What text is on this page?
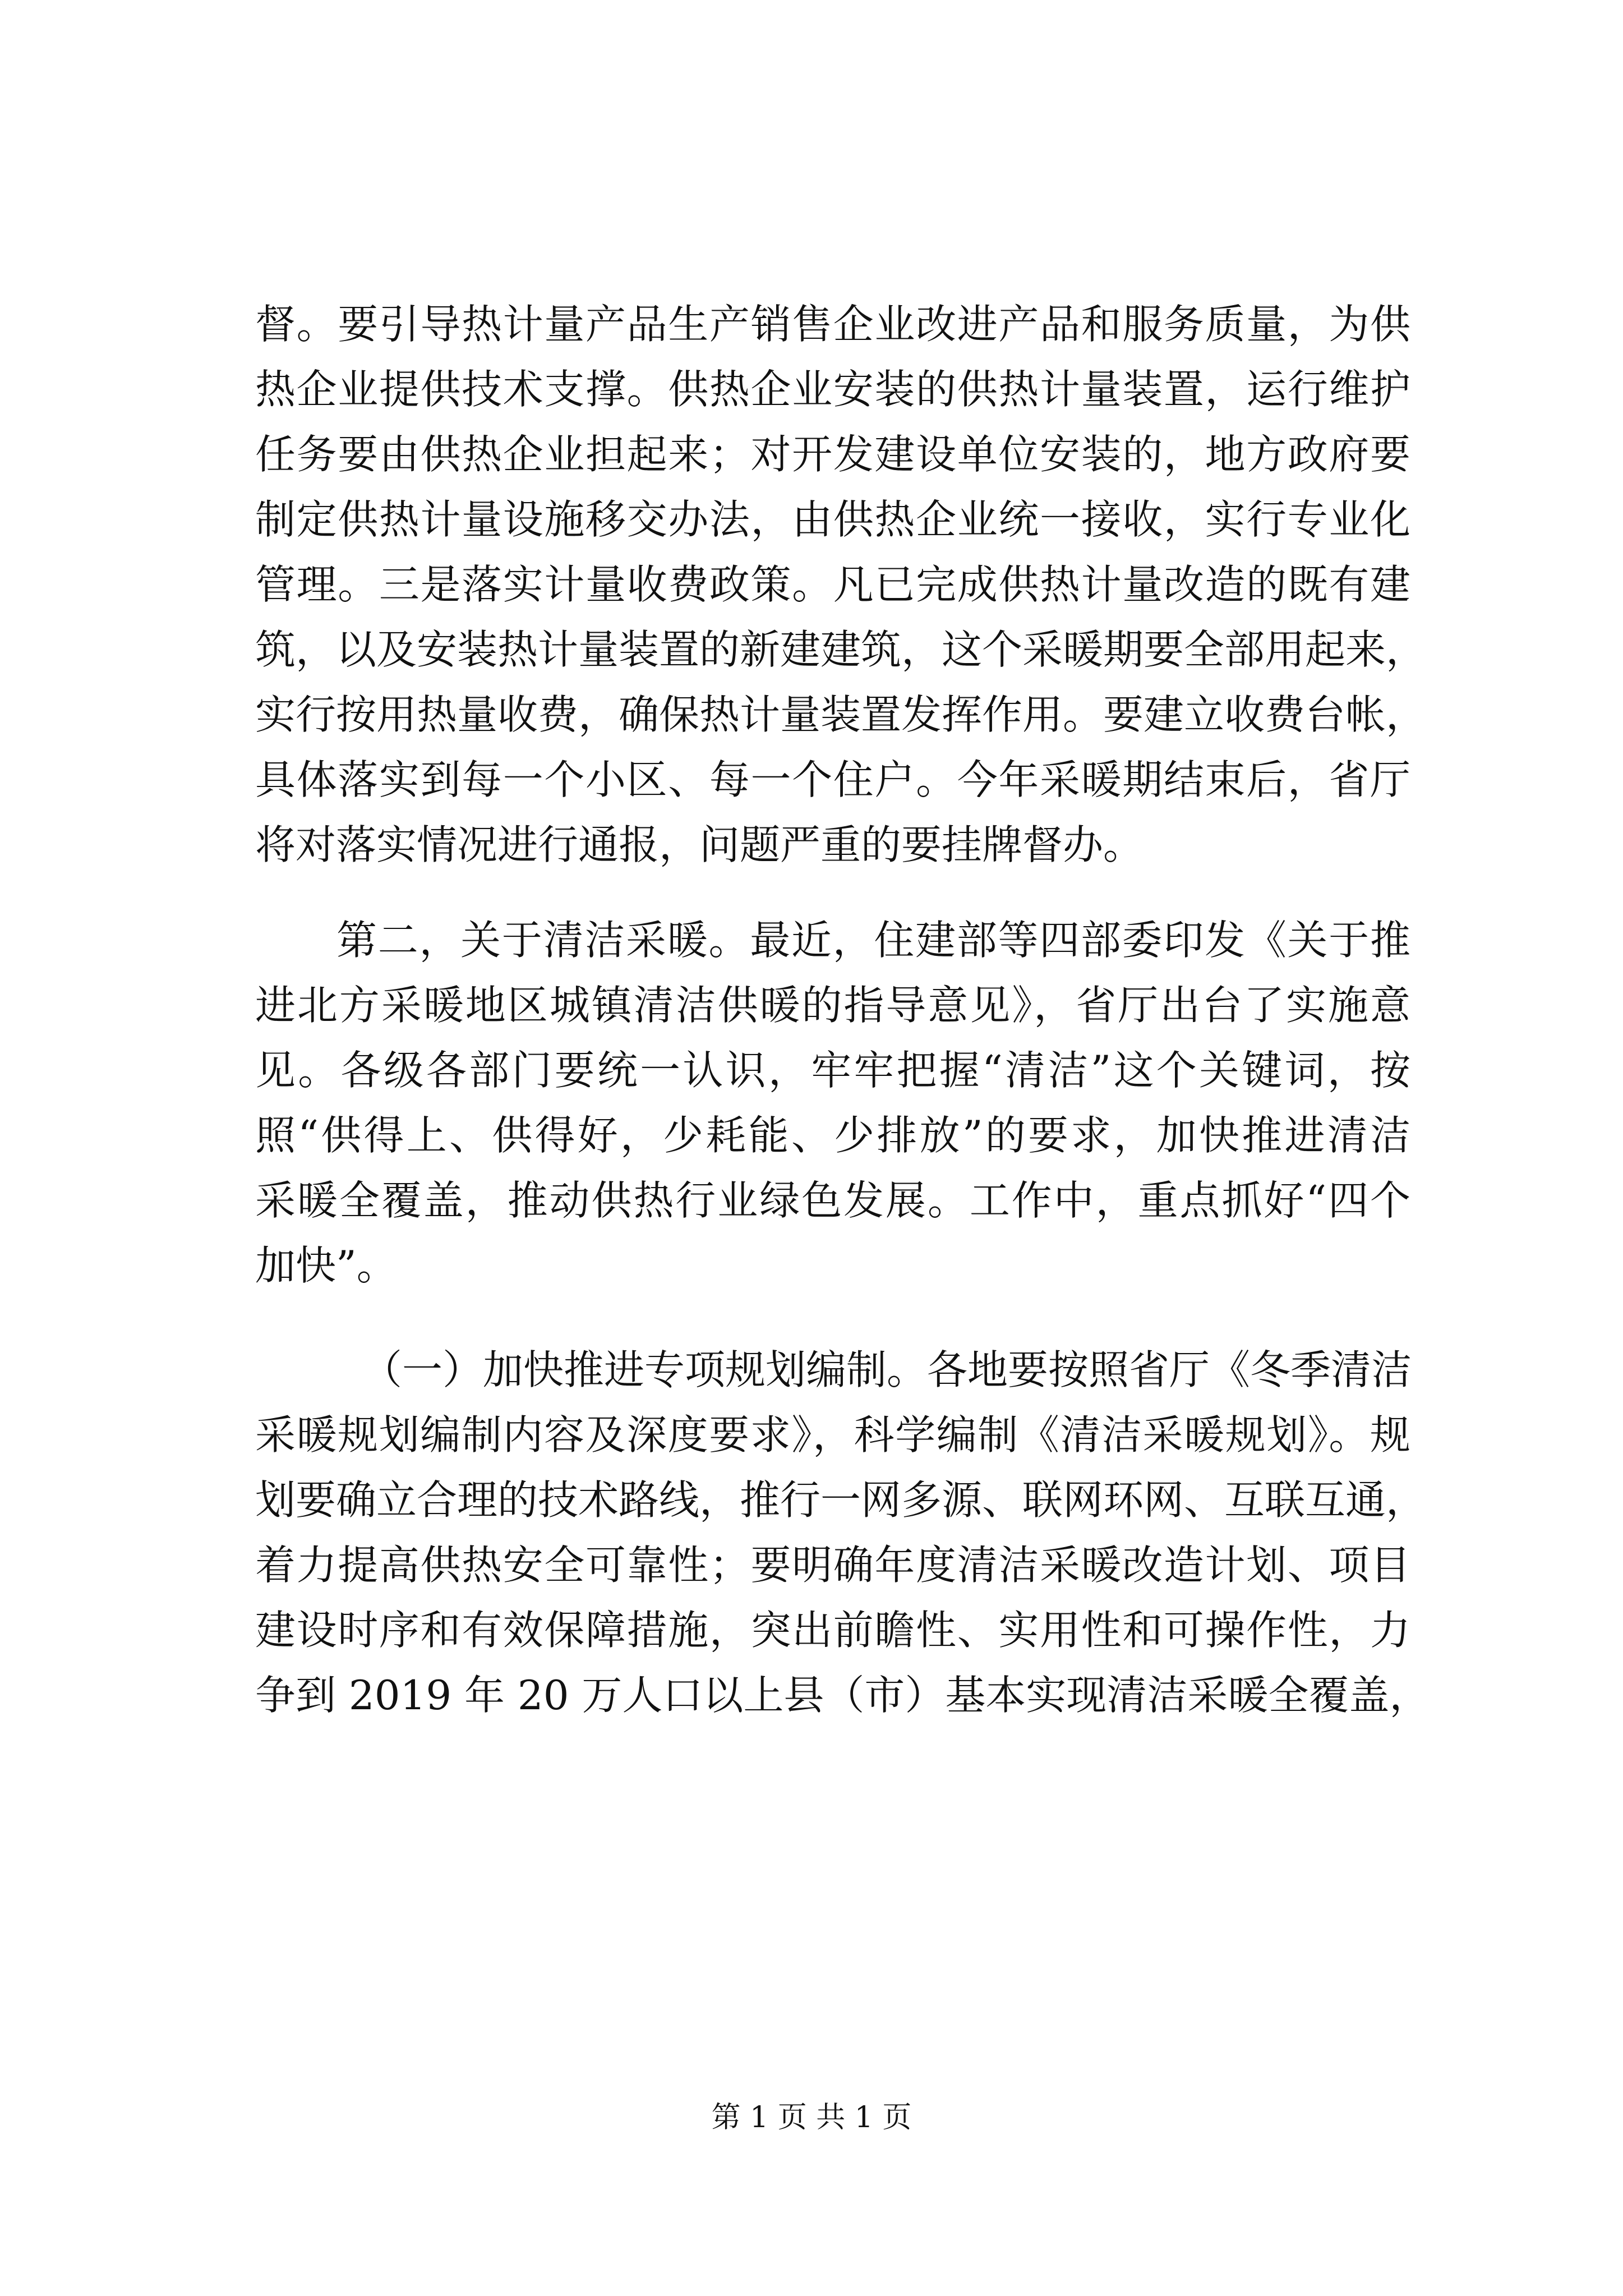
督。要引导热计量产品生产销售企业改进产品和服务质量，为供
热企业提供技术支撑。供热企业安装的供热计量装置，运行维护
任务要由供热企业担起来；对开发建设单位安装的，地方政府要
制定供热计量设施移交办法，由供热企业统一接收，实行专业化
管理。三是落实计量收费政策。凡已完成供热计量改造的既有建
筑，以及安装热计量装置的新建建筑，这个采暖期要全部用起来，
实行按用热量收费，确保热计量装置发挥作用。要建立收费台帐，
具体落实到每一个小区、每一个住户。今年采暖期结束后，省厅
将对落实情况进行通报，问题严重的要挂牌督办。
第二，关于清洁采暖。最近，住建部等四部委印发《关于推
进北方采暖地区城镇清洁供暖的指导意见》，省厅出台了实施意
见。各级各部门要统一认识，牢牢把握“清洁”这个关键词，按
照“供得上、供得好，少耗能、少排放”的要求，加快推进清洁
采暖全覆盖，推动供热行业绿色发展。工作中，重点抓好“四个
加快”。
（一）加快推进专项规划编制。各地要按照省厅《冬季清洁
采暖规划编制内容及深度要求》，科学编制《清洁采暖规划》。规
划要确立合理的技术路线，推行一网多源、联网环网、互联互通，
着力提高供热安全可靠性；要明确年度清洁采暖改造计划、项目
建设时序和有效保障措施，突出前瞻性、实用性和可操作性，力
争到 2019 年 20 万人口以上县（市）基本实现清洁采暖全覆盖，
第 1 页 共 1 页
